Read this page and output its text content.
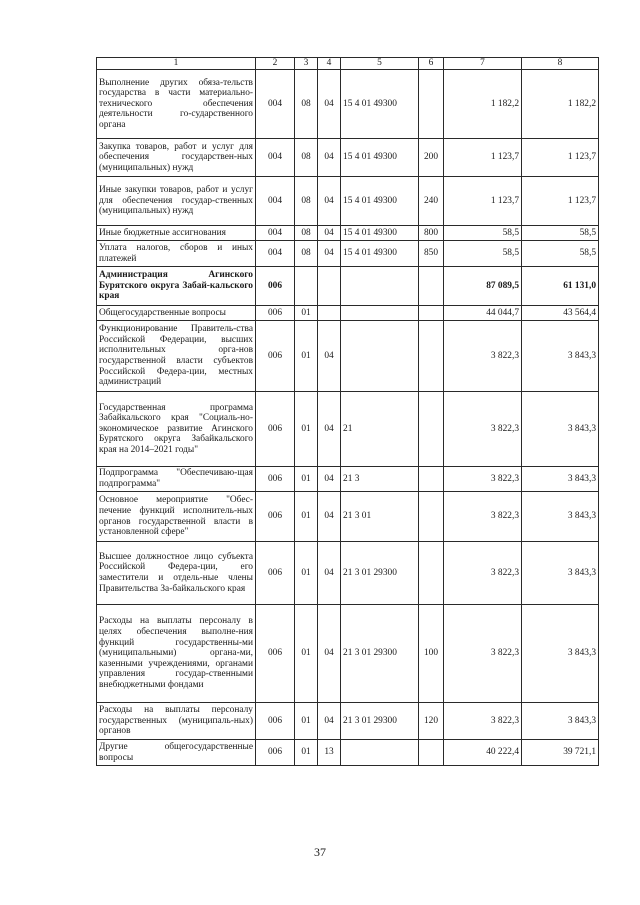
1	2	3	4	5	6	7	8
Выполнение других обяза-тельств государства в части материально-технического обеспечения деятельности го-сударственного органа	004	08	04	15 4 01 49300		1 182,2	1 182,2
Закупка товаров, работ и услуг для обеспечения государствен-ных (муниципальных) нужд	004	08	04	15 4 01 49300	200	1 123,7	1 123,7
Иные закупки товаров, работ и услуг для обеспечения государ-ственных (муниципальных) нужд	004	08	04	15 4 01 49300	240	1 123,7	1 123,7
Иные бюджетные ассигнования	004	08	04	15 4 01 49300	800	58,5	58,5
Уплата налогов, сборов и иных платежей	004	08	04	15 4 01 49300	850	58,5	58,5
Администрация Агинского Бурятского округа Забай-кальского края	006					87 089,5	61 131,0
Общегосударственные вопросы	006	01				44 044,7	43 564,4
Функционирование Правитель-ства Российской Федерации, высших исполнительных орга-нов государственной власти субъектов Российской Федера-ции, местных администраций	006	01	04			3 822,3	3 843,3
Государственная программа Забайкальского края "Социаль-но-экономическое развитие Агинского Бурятского округа Забайкальского края на 2014–2021 годы"	006	01	04	21		3 822,3	3 843,3
Подпрограмма "Обеспечиваю-щая подпрограмма"	006	01	04	21 3		3 822,3	3 843,3
Основное мероприятие "Обес-печение функций исполнитель-ных органов государственной власти в установленной сфере"	006	01	04	21 3 01		3 822,3	3 843,3
Высшее должностное лицо субъекта Российской Федера-ции, его заместители и отдель-ные члены Правительства За-байкальского края	006	01	04	21 3 01 29300		3 822,3	3 843,3
Расходы на выплаты персоналу в целях обеспечения выполне-ния функций государственны-ми (муниципальными) органа-ми, казенными учреждениями, органами управления государ-ственными внебюджетными фондами	006	01	04	21 3 01 29300	100	3 822,3	3 843,3
Расходы на выплаты персоналу государственных (муниципаль-ных) органов	006	01	04	21 3 01 29300	120	3 822,3	3 843,3
Другие общегосударственные вопросы	006	01	13			40 222,4	39 721,1
37
